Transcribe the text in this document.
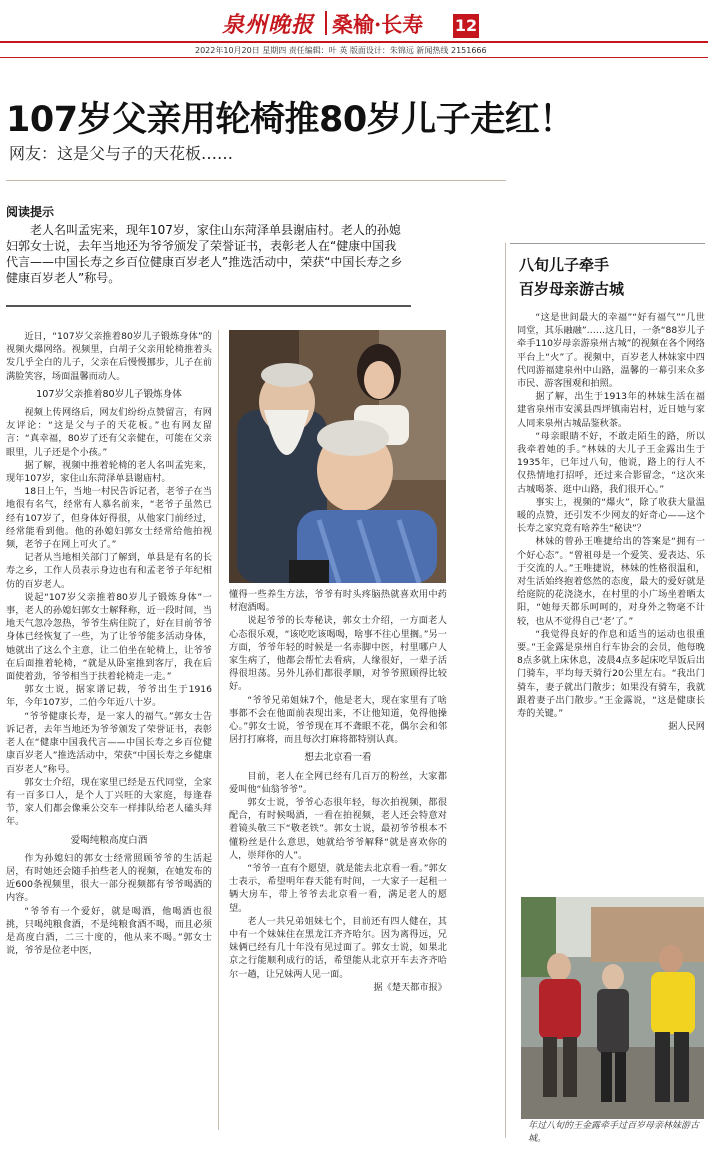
泉州晚报 桑榆·长寿 12
2022年10月20日 星期四 责任编辑：叶 英 版面设计：朱锦远 新闻热线 2151666
107岁父亲用轮椅推80岁儿子走红！
网友：这是父与子的天花板……
阅读提示
老人名叫孟宪来，现年107岁，家住山东菏泽单县谢庙村。老人的孙媳妇郭女士说，去年当地还为爷爷颁发了荣誉证书，表彰老人在“健康中国我代言——中国长寿之乡百位健康百岁老人”推选活动中，荣获“中国长寿之乡健康百岁老人”称号。

近日，“107岁父亲推着80岁儿子锻炼身体”的视频火爆网络。视频里，白胡子父亲用轮椅推着头发几乎全白的儿子，父亲在后慢慢挪步，儿子在前满脸笑容，场面温馨而动人。

107岁父亲推着80岁儿子锻炼身体

视频上传网络后，网友们纷纷点赞留言，有网友评论：“这是父与子的天花板。”也有网友留言：“真幸福，80岁了还有父亲健在，可能在父亲眼里，儿子还是个小孩。”

据了解，视频中推着轮椅的老人名叫孟宪来，现年107岁，家住山东菏泽单县谢庙村。

18日上午，当地一村民告诉记者，老爷子在当地很有名气，经常有人慕名前来，“老爷子虽然已经有107岁了，但身体好得很，从他家门前经过，经常能看到他。他的孙媳妇郭女士经常给他拍视频，老爷子在网上可火了。”

记者从当地相关部门了解到，单县是有名的长寿之乡，工作人员表示身边也有和孟老爷子年纪相仿的百岁老人。

说起“107岁父亲推着80岁儿子锻炼身体”一事，老人的孙媳妇郭女士解释称，近一段时间，当地天气忽冷忽热，爷爷生病住院了，好在目前爷爷身体已经恢复了一些，为了让爷爷能多活动身体，她就出了这么个主意，让二伯坐在轮椅上，让爷爷在后面推着轮椅，“就是从卧室推到客厅，我在后面使着劲，爷爷相当于扶着轮椅走一走。”

郭女士说，据家谱记载，爷爷出生于1916年，今年107岁，二伯今年近八十岁。

“爷爷健康长寿，是一家人的福气。”郭女士告诉记者，去年当地还为爷爷颁发了荣誉证书，表彰老人在“健康中国我代言——中国长寿之乡百位健康百岁老人”推选活动中，荣获“中国长寿之乡健康百岁老人”称号。

郭女士介绍，现在家里已经是五代同堂，全家有一百多口人，是个人丁兴旺的大家庭，每逢春节，家人们都会像乘公交车一样排队给老人磕头拜年。

爱喝纯粮高度白酒

作为孙媳妇的郭女士经常照顾爷爷的生活起居，有时她还会随手拍些老人的视频，在她发布的近600条视频里，很大一部分视频都有爷爷喝酒的内容。

“爷爷有一个爱好，就是喝酒，他喝酒也很挑，只喝纯粮食酒，不是纯粮食酒不喝，而且必须是高度白酒，二三十度的，他从来不喝。”郭女士说，爷爷是位老中医，

懂得一些养生方法，爷爷有时头疼脑热就喜欢用中药材泡酒喝。

说起爷爷的长寿秘诀，郭女士介绍，一方面老人心态很乐观，“该吃吃该喝喝，啥事不往心里搁。”另一方面，爷爷年轻的时候是一名赤脚中医，村里哪户人家生病了，他都会帮忙去看病，人缘很好，一辈子活得很坦荡。另外儿孙们都很孝顺，对爷爷照顾得比较好。

“爷爷兄弟姐妹7个，他是老大，现在家里有了啥事都不会在他面前表现出来，不让他知道，免得他操心。”郭女士说，爷爷现在耳不聋眼不花，偶尔会和邻居打打麻将，而且每次打麻将都特别认真。

想去北京看一看

目前，老人在全网已经有几百万的粉丝，大家都爱叫他“仙翁爷爷”。

郭女士说，爷爷心态很年轻，每次拍视频，都很配合，有时候喝酒，一看在拍视频，老人还会特意对着镜头敬三下“敬老铁”。郭女士说，最初爷爷根本不懂粉丝是什么意思，她就给爷爷解释“就是喜欢你的人，崇拜你的人”。

“爷爷一直有个愿望，就是能去北京看一看。”郭女士表示，希望明年春天能有时间，一大家子一起租一辆大房车，带上爷爷去北京看一看，满足老人的愿望。

老人一共兄弟姐妹七个，目前还有四人健在，其中有一个妹妹住在黑龙江齐齐哈尔。因为离得远，兄妹俩已经有几十年没有见过面了。郭女士说，如果北京之行能顺利成行的话，希望能从北京开车去齐齐哈尔一趟，让兄妹两人见一面。

据《楚天都市报》

八旬儿子牵手
百岁母亲游古城

“这是世间最大的幸福”“好有福气”“几世同堂，其乐融融”……这几日，一条“88岁儿子牵手110岁母亲游泉州古城”的视频在各个网络平台上“火”了。视频中，百岁老人林妹家中四代同游福建泉州中山路，温馨的一幕引来众多市民、游客围观和拍照。

据了解，出生于1913年的林妹生活在福建省泉州市安溪县西坪镇南岩村，近日她与家人同来泉州古城品鉴秋茶。

“母亲眼睛不好，不敢走陌生的路，所以我牵着她的手。”林妹的大儿子王金露出生于1935年，已年过八旬，他说，路上的行人不仅热情地打招呼，还过来合影留念，“这次来古城喝茶、逛中山路，我们很开心。”

事实上，视频的“爆火”，除了收获大量温暖的点赞，还引发不少网友的好奇心——这个长寿之家究竟有啥养生“秘诀”？

林妹的曾孙王唯捷给出的答案是“拥有一个好心态”。“曾祖母是一个爱笑、爱表达、乐于交流的人。”王唯捷说，林妹的性格很温和，对生活始终抱着悠然的态度，最大的爱好就是给庭院的花浇浇水，在村里的小广场坐着晒太阳，“她每天都乐呵呵的，对身外之物毫不计较，也从不觉得自己‘老’了。”

“我觉得良好的作息和适当的运动也很重要。”王金露是泉州自行车协会的会员，他每晚8点多就上床休息，凌晨4点多起床吃早饭后出门骑车，平均每天骑行20公里左右。“我出门骑车，妻子就出门散步；如果没有骑车，我就跟着妻子出门散步。”王金露说，“这是健康长寿的关键。”

据人民网

年过八旬的王金露牵手过百岁母亲林妹游古城。
